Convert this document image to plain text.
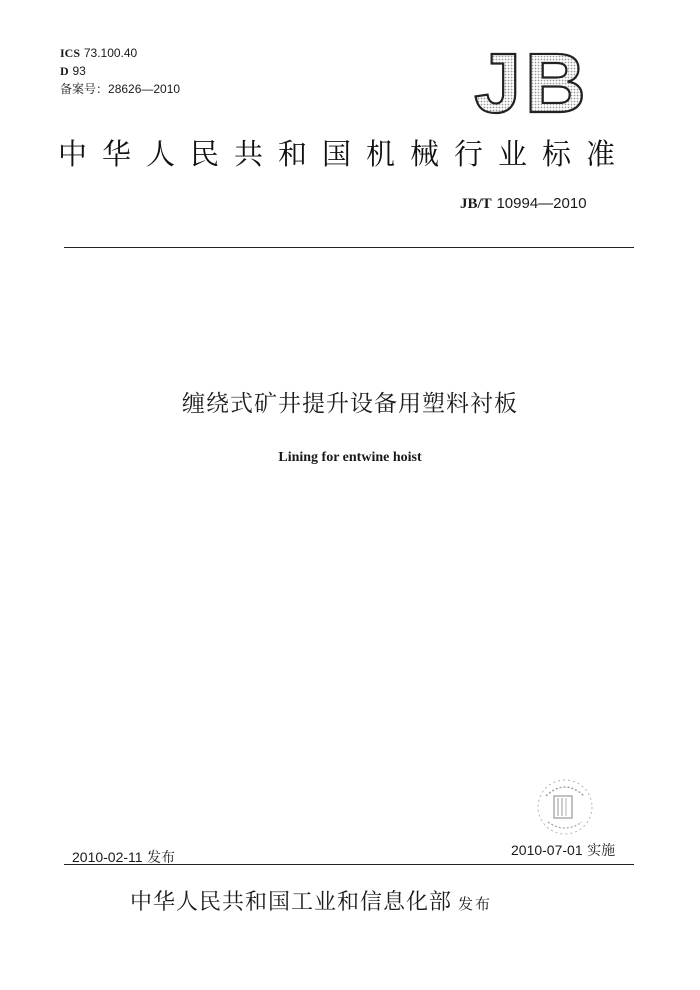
ICS 73.100.40
D 93
备案号：28626—2010	JB
中华人民共和国机械行业标准
JB/T 10994—2010
缠绕式矿井提升设备用塑料衬板
Lining for entwine hoist
2010-02-11 发布	2010-07-01 实施
中华人民共和国工业和信息化部 发布
